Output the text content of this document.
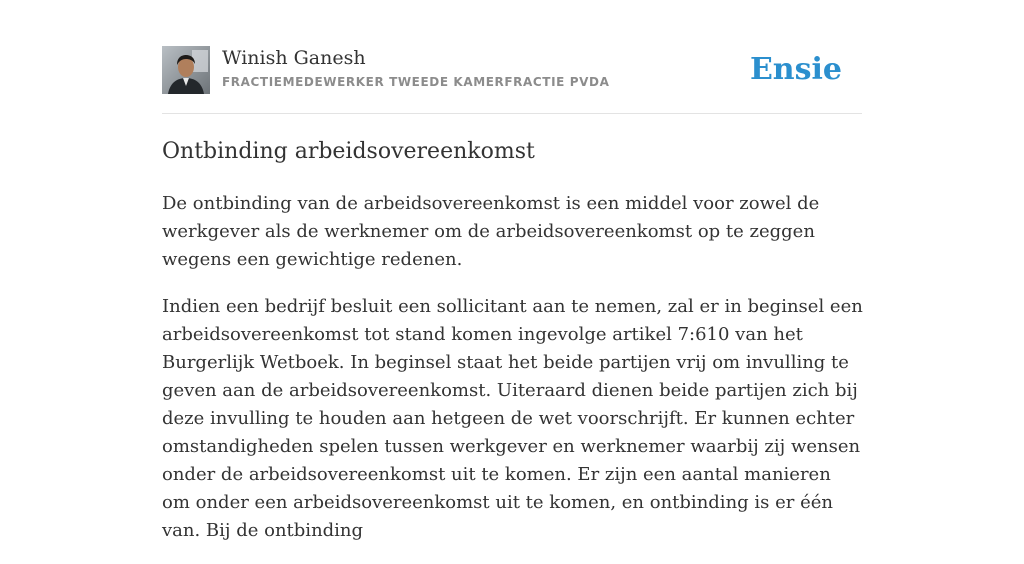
Winish Ganesh
FRACTIEMEDEWERKER TWEEDE KAMERFRACTIE PVDA	Ensie
Ontbinding arbeidsovereenkomst

De ontbinding van de arbeidsovereenkomst is een middel voor zowel de werkgever als de werknemer om de arbeidsovereenkomst op te zeggen wegens een gewichtige redenen.

Indien een bedrijf besluit een sollicitant aan te nemen, zal er in beginsel een arbeidsovereenkomst tot stand komen ingevolge artikel 7:610 van het Burgerlijk Wetboek. In beginsel staat het beide partijen vrij om invulling te geven aan de arbeidsovereenkomst. Uiteraard dienen beide partijen zich bij deze invulling te houden aan hetgeen de wet voorschrijft. Er kunnen echter omstandigheden spelen tussen werkgever en werknemer waarbij zij wensen onder de arbeidsovereenkomst uit te komen. Er zijn een aantal manieren om onder een arbeidsovereenkomst uit te komen, en ontbinding is er één van. Bij de ontbinding
